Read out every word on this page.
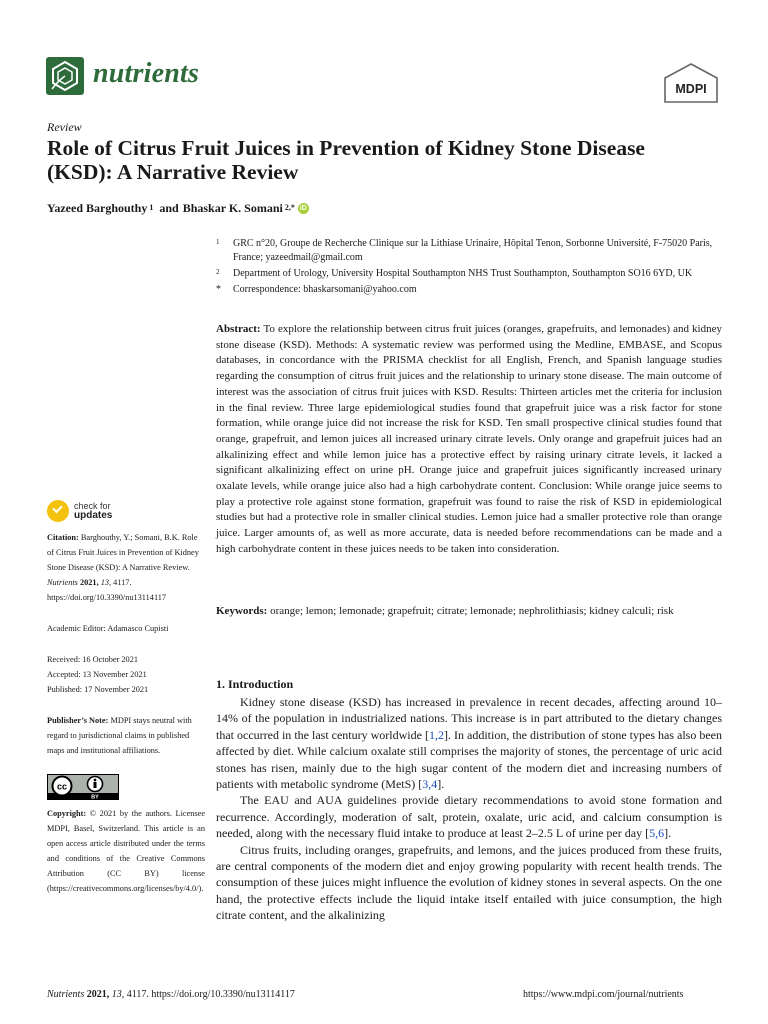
nutrients	MDPI
Review
Role of Citrus Fruit Juices in Prevention of Kidney Stone Disease (KSD): A Narrative Review
Yazeed Barghouthy $^1$ and Bhaskar K. Somani $^{2,*}$ iD
1	GRC n°20, Groupe de Recherche Clinique sur la Lithiase Urinaire, Hôpital Tenon, Sorbonne Université, F-75020 Paris, France; yazeedmail@gmail.com
2	Department of Urology, University Hospital Southampton NHS Trust Southampton, Southampton SO16 6YD, UK
*	Correspondence: bhaskarsomani@yahoo.com
Abstract: To explore the relationship between citrus fruit juices (oranges, grapefruits, and lemonades) and kidney stone disease (KSD). Methods: A systematic review was performed using the Medline, EMBASE, and Scopus databases, in concordance with the PRISMA checklist for all English, French, and Spanish language studies regarding the consumption of citrus fruit juices and the relationship to urinary stone disease. The main outcome of interest was the association of citrus fruit juices with KSD. Results: Thirteen articles met the criteria for inclusion in the final review. Three large epidemiological studies found that grapefruit juice was a risk factor for stone formation, while orange juice did not increase the risk for KSD. Ten small prospective clinical studies found that orange, grapefruit, and lemon juices all increased urinary citrate levels. Only orange and grapefruit juices had an alkalinizing effect and while lemon juice has a protective effect by raising urinary citrate levels, it lacked a significant alkalinizing effect on urine pH. Orange juice and grapefruit juices significantly increased urinary oxalate levels, while orange juice also had a high carbohydrate content. Conclusion: While orange juice seems to play a protective role against stone formation, grapefruit was found to raise the risk of KSD in epidemiological studies but had a protective role in smaller clinical studies. Lemon juice had a smaller protective role than orange juice. Larger amounts of, as well as more accurate, data is needed before recommendations can be made and a high carbohydrate content in these juices needs to be taken into consideration.
Keywords: orange; lemon; lemonade; grapefruit; citrate; lemonade; nephrolithiasis; kidney calculi; risk
1. Introduction

Kidney stone disease (KSD) has increased in prevalence in recent decades, affecting around 10–14% of the population in industrialized nations. This increase is in part attributed to the dietary changes that occurred in the last century worldwide [1,2]. In addition, the distribution of stone types has also been affected by diet. While calcium oxalate still comprises the majority of stones, the percentage of uric acid stones has risen, mainly due to the high sugar content of the modern diet and increasing numbers of patients with metabolic syndrome (MetS) [3,4].

The EAU and AUA guidelines provide dietary recommendations to avoid stone formation and recurrence. Accordingly, moderation of salt, protein, oxalate, uric acid, and calcium consumption is needed, along with the necessary fluid intake to produce at least 2–2.5 L of urine per day [5,6].

Citrus fruits, including oranges, grapefruits, and lemons, and the juices produced from these fruits, are central components of the modern diet and enjoy growing popularity with recent health trends. The consumption of these juices might influence the evolution of kidney stones in several aspects. On the one hand, the protective effects include the liquid intake itself entailed with juice consumption, the high citrate content, and the alkalinizing

check for
updates
Citation: Barghouthy, Y.; Somani, B.K. Role of Citrus Fruit Juices in Prevention of Kidney Stone Disease (KSD): A Narrative Review. Nutrients 2021, 13, 4117. https://doi.org/10.3390/nu13114117
Academic Editor: Adamasco Cupisti
Received: 16 October 2021
Accepted: 13 November 2021
Published: 17 November 2021
Publisher’s Note: MDPI stays neutral with regard to jurisdictional claims in published maps and institutional affiliations.
cc
BY
Copyright: © 2021 by the authors. Licensee MDPI, Basel, Switzerland. This article is an open access article distributed under the terms and conditions of the Creative Commons Attribution (CC BY) license (https://creativecommons.org/licenses/by/4.0/).
Nutrients 2021, 13, 4117. https://doi.org/10.3390/nu13114117	https://www.mdpi.com/journal/nutrients
